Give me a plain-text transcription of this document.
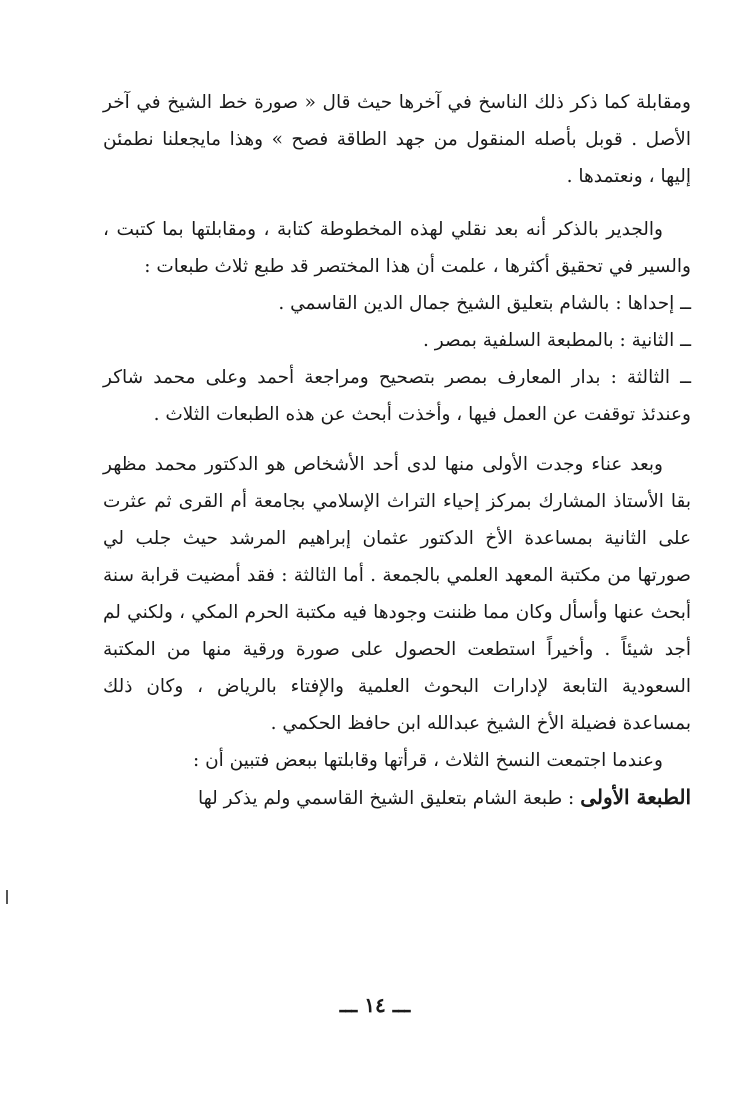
ومقابلة كما ذكر ذلك الناسخ في آخرها حيث قال « صورة خط الشيخ في آخر الأصل . قوبل بأصله المنقول من جهد الطاقة فصح » وهذا مايجعلنا نطمئن إليها ، ونعتمدها .

والجدير بالذكر أنه بعد نقلي لهذه المخطوطة كتابة ، ومقابلتها بما كتبت ، والسير في تحقيق أكثرها ، علمت أن هذا المختصر قد طبع ثلاث طبعات :

ــ إحداها : بالشام بتعليق الشيخ جمال الدين القاسمي .

ــ الثانية : بالمطبعة السلفية بمصر .

ــ الثالثة : بدار المعارف بمصر بتصحيح ومراجعة أحمد وعلى محمد شاكر وعندئذ توقفت عن العمل فيها ، وأخذت أبحث عن هذه الطبعات الثلاث .

وبعد عناء وجدت الأولى منها لدى أحد الأشخاص هو الدكتور محمد مظهر بقا الأستاذ المشارك بمركز إحياء التراث الإسلامي بجامعة أم القرى ثم عثرت على الثانية بمساعدة الأخ الدكتور عثمان إبراهيم المرشد حيث جلب لي صورتها من مكتبة المعهد العلمي بالجمعة . أما الثالثة : فقد أمضيت قرابة سنة أبحث عنها وأسأل وكان مما ظننت وجودها فيه مكتبة الحرم المكي ، ولكني لم أجد شيئاً . وأخيراً استطعت الحصول على صورة ورقية منها من المكتبة السعودية التابعة لإدارات البحوث العلمية والإفتاء بالرياض ، وكان ذلك بمساعدة فضيلة الأخ الشيخ عبدالله ابن حافظ الحكمي .

وعندما اجتمعت النسخ الثلاث ، قرأتها وقابلتها ببعض فتبين أن :

الطبعة الأولى : طبعة الشام بتعليق الشيخ القاسمي ولم يذكر لها

ـــ ١٤ ـــ
